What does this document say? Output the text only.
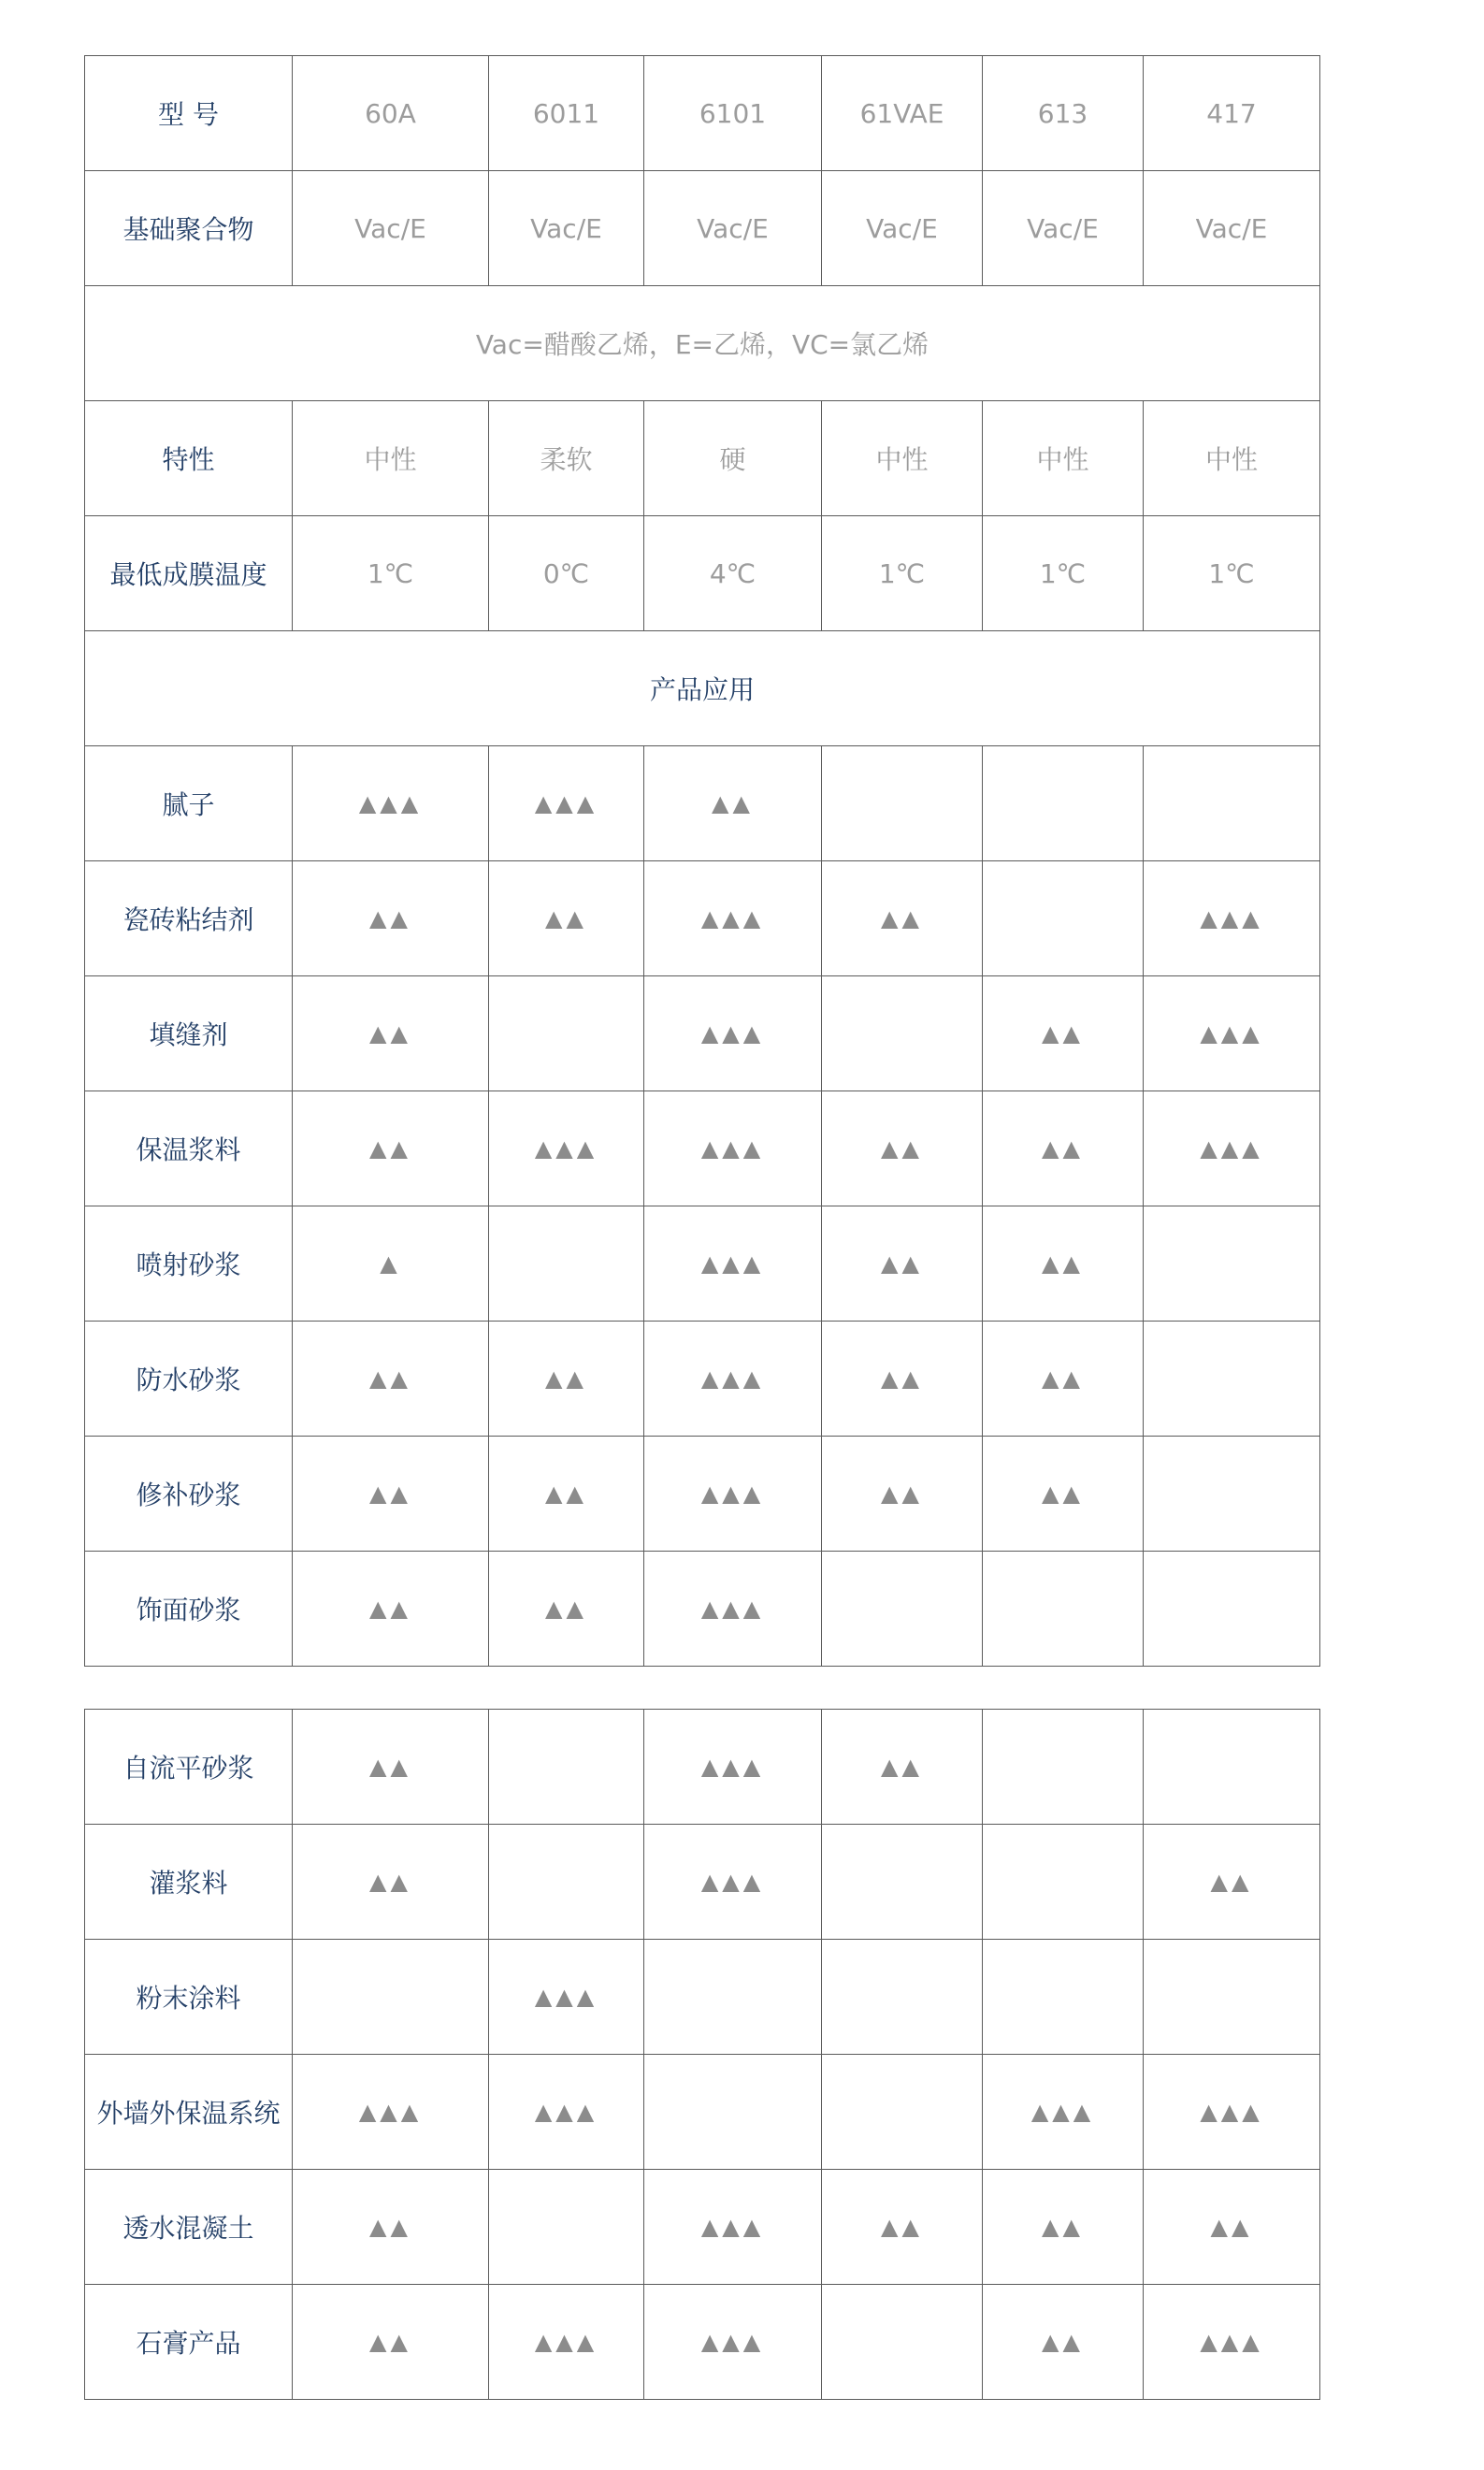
型 号	60A	6011	6101	61VAE	613	417
基础聚合物	Vac/E	Vac/E	Vac/E	Vac/E	Vac/E	Vac/E
Vac=醋酸乙烯，E=乙烯，VC=氯乙烯						
特性	中性	柔软	硬	中性	中性	中性
最低成膜温度	1℃	0℃	4℃	1℃	1℃	1℃
产品应用						
腻子	▲▲▲	▲▲▲	▲▲			
瓷砖粘结剂	▲▲	▲▲	▲▲▲	▲▲		▲▲▲
填缝剂	▲▲		▲▲▲		▲▲	▲▲▲
保温浆料	▲▲	▲▲▲	▲▲▲	▲▲	▲▲	▲▲▲
喷射砂浆	▲		▲▲▲	▲▲	▲▲	
防水砂浆	▲▲	▲▲	▲▲▲	▲▲	▲▲	
修补砂浆	▲▲	▲▲	▲▲▲	▲▲	▲▲	
饰面砂浆	▲▲	▲▲	▲▲▲			
自流平砂浆	▲▲		▲▲▲	▲▲		
灌浆料	▲▲		▲▲▲			▲▲
粉末涂料		▲▲▲				
外墙外保温系统	▲▲▲	▲▲▲			▲▲▲	▲▲▲
透水混凝土	▲▲		▲▲▲	▲▲	▲▲	▲▲
石膏产品	▲▲	▲▲▲	▲▲▲		▲▲	▲▲▲
